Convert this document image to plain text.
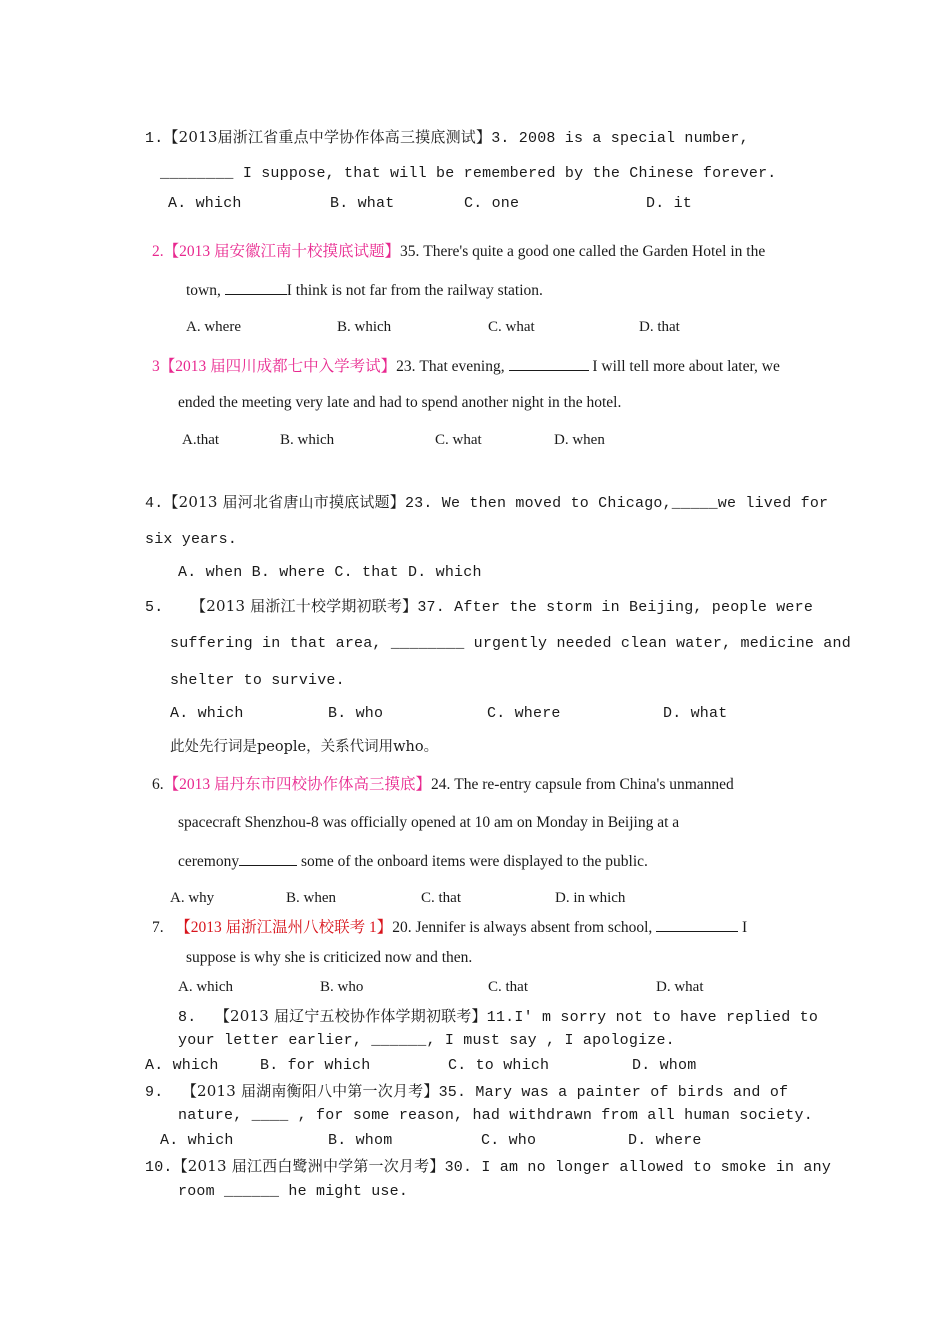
1.【2013届浙江省重点中学协作体高三摸底测试】3. 2008 is a special number,
________ I suppose, that will be remembered by the Chinese forever.
A. which	B. what	C. one	D. it
2.【2013 届安徽江南十校摸底试题】35. There's quite a good one called the Garden Hotel in the
town,	I think is not far from the railway station.
A. where	B. which	C. what	D. that
3【2013 届四川成都七中入学考试】23. That evening,	I will tell more about later, we
ended the meeting very late and had to spend another night in the hotel.
A.that	B. which	C. what	D. when
4.【2013 届河北省唐山市摸底试题】23. We then moved to Chicago,_____we lived for
six years.
A. when B. where C. that D. which
5. 【2013 届浙江十校学期初联考】37. After the storm in Beijing, people were
suffering in that area, ________ urgently needed clean water, medicine and
shelter to survive.
A. which	B. who	C. where	D. what
此处先行词是people，关系代词用who。
6.【2013 届丹东市四校协作体高三摸底】24. The re-entry capsule from China's unmanned
spacecraft Shenzhou-8 was officially opened at 10 am on Monday in Beijing at a
ceremony	some of the onboard items were displayed to the public.
A. why	B. when	C. that	D. in which
7. 【2013 届浙江温州八校联考 1】20. Jennifer is always absent from school,	I
suppose is why she is criticized now and then.
A. which	B. who	C. that	D. what
8. 【2013 届辽宁五校协作体学期初联考】11.I' m sorry not to have replied to
your letter earlier, ______, I must say , I apologize.
A. which	B. for which	C. to which	D. whom
9. 【2013 届湖南衡阳八中第一次月考】35. Mary was a painter of birds and of
nature, ____ , for some reason, had withdrawn from all human society.
A. which	B. whom	C. who	D. where
10.【2013 届江西白鹭洲中学第一次月考】30. I am no longer allowed to smoke in any
room ______ he might use.
